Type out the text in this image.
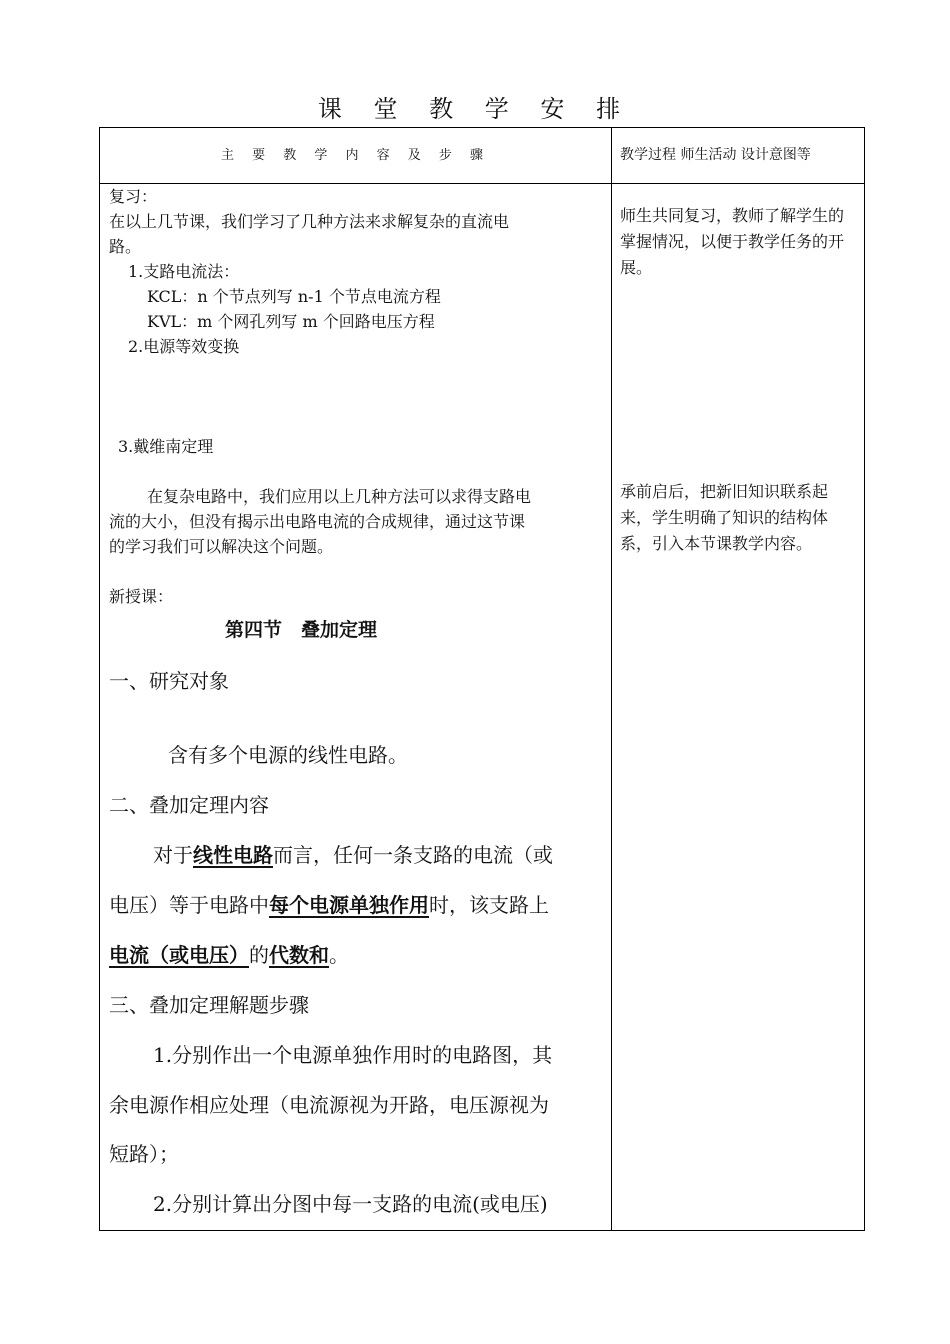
课 堂 教 学 安 排
主 要 教 学 内 容 及 步 骤	教学过程 师生活动 设计意图等
复习：
在以上几节课，我们学习了几种方法来求解复杂的直流电
路。
1.支路电流法：
KCL：n 个节点列写 n-1 个节点电流方程
KVL：m 个网孔列写 m 个回路电压方程
2.电源等效变换
3.戴维南定理
在复杂电路中，我们应用以上几种方法可以求得支路电
流的大小，但没有揭示出电路电流的合成规律，通过这节课
的学习我们可以解决这个问题。
新授课：
第四节　叠加定理
一、研究对象
含有多个电源的线性电路。
二、叠加定理内容
对于线性电路而言，任何一条支路的电流（或
电压）等于电路中每个电源单独作用时，该支路上
电流（或电压）的代数和。
三、叠加定理解题步骤
1.分别作出一个电源单独作用时的电路图，其
余电源作相应处理（电流源视为开路，电压源视为
短路）；
2.分别计算出分图中每一支路的电流(或电压)
师生共同复习，教师了解学生的掌握情况，以便于教学任务的开展。
承前启后，把新旧知识联系起来，学生明确了知识的结构体系，引入本节课教学内容。
